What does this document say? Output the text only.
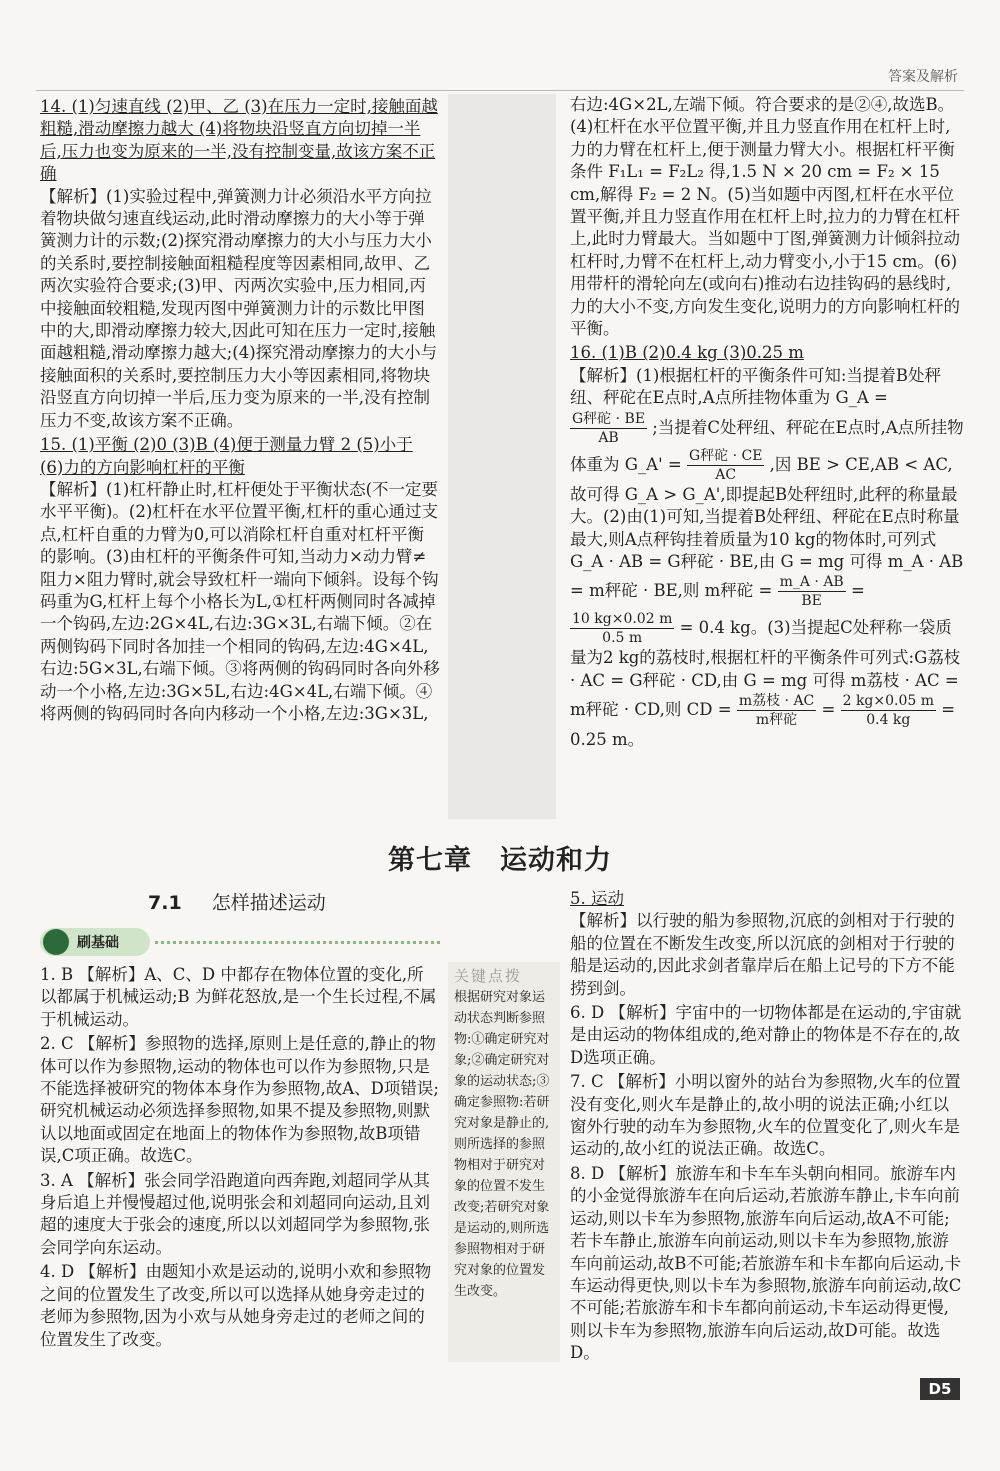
答案及解析

14. (1)匀速直线 (2)甲、乙 (3)在压力一定时,接触面越粗糙,滑动摩擦力越大 (4)将物块沿竖直方向切掉一半后,压力也变为原来的一半,没有控制变量,故该方案不正确

【解析】(1)实验过程中,弹簧测力计必须沿水平方向拉着物块做匀速直线运动,此时滑动摩擦力的大小等于弹簧测力计的示数;(2)探究滑动摩擦力的大小与压力大小的关系时,要控制接触面粗糙程度等因素相同,故甲、乙两次实验符合要求;(3)甲、丙两次实验中,压力相同,丙中接触面较粗糙,发现丙图中弹簧测力计的示数比甲图中的大,即滑动摩擦力较大,因此可知在压力一定时,接触面越粗糙,滑动摩擦力越大;(4)探究滑动摩擦力的大小与接触面积的关系时,要控制压力大小等因素相同,将物块沿竖直方向切掉一半后,压力变为原来的一半,没有控制压力不变,故该方案不正确。

15. (1)平衡 (2)0 (3)B (4)便于测量力臂 2 (5)小于 (6)力的方向影响杠杆的平衡

【解析】(1)杠杆静止时,杠杆便处于平衡状态(不一定要水平平衡)。(2)杠杆在水平位置平衡,杠杆的重心通过支点,杠杆自重的力臂为0,可以消除杠杆自重对杠杆平衡的影响。(3)由杠杆的平衡条件可知,当动力×动力臂≠阻力×阻力臂时,就会导致杠杆一端向下倾斜。设每个钩码重为G,杠杆上每个小格长为L,①杠杆两侧同时各减掉一个钩码,左边:2G×4L,右边:3G×3L,右端下倾。②在两侧钩码下同时各加挂一个相同的钩码,左边:4G×4L,右边:5G×3L,右端下倾。③将两侧的钩码同时各向外移动一个小格,左边:3G×5L,右边:4G×4L,右端下倾。④将两侧的钩码同时各向内移动一个小格,左边:3G×3L,

右边:4G×2L,左端下倾。符合要求的是②④,故选B。(4)杠杆在水平位置平衡,并且力竖直作用在杠杆上时,力的力臂在杠杆上,便于测量力臂大小。根据杠杆平衡条件 F₁L₁ = F₂L₂ 得,1.5 N × 20 cm = F₂ × 15 cm,解得 F₂ = 2 N。(5)当如题中丙图,杠杆在水平位置平衡,并且力竖直作用在杠杆上时,拉力的力臂在杠杆上,此时力臂最大。当如题中丁图,弹簧测力计倾斜拉动杠杆时,力臂不在杠杆上,动力臂变小,小于15 cm。(6)用带杆的滑轮向左(或向右)推动右边挂钩码的悬线时,力的大小不变,方向发生变化,说明力的方向影响杠杆的平衡。

16. (1)B (2)0.4 kg (3)0.25 m

【解析】(1)根据杠杆的平衡条件可知:当提着B处秤纽、秤砣在E点时,A点所挂物体重为 G_A =
$\frac{\text{G秤砣 · BE}}{AB}$ ;当提着C处秤纽、秤砣在E点时,A点所挂物体重为 G_A' = $\frac{\text{G秤砣 · CE}}{AC}$ ,因 BE > CE,AB < AC,故可得 G_A > G_A',即提起B处秤纽时,此秤的称量最大。(2)由(1)可知,当提着B处秤纽、秤砣在E点时称量最大,则A点秤钩挂着质量为10 kg的物体时,可列式 G_A · AB = G秤砣 · BE,由 G = mg 可得 m_A · AB = m秤砣 · BE,则 m秤砣 = $\frac{m\_A \cdot AB}{BE}$ =
$\frac{10 kg\times 0.02 m}{0.5 m} = 0.4$ kg。(3)当提起C处秤称一袋质量为2 kg的荔枝时,根据杠杆的平衡条件可列式:G荔枝 · AC = G秤砣 · CD,由 G = mg 可得 m荔枝 · AC = m秤砣 · CD,则 CD = $\frac{\text{m荔枝 · AC}}{\text{m秤砣}} = \frac{2 kg\times 0.05 m}{0.4 kg} = 0.25$ m。

第七章　运动和力
7.1 怎样描述运动
刷基础

1. B 【解析】A、C、D 中都存在物体位置的变化,所以都属于机械运动;B 为鲜花怒放,是一个生长过程,不属于机械运动。

2. C 【解析】参照物的选择,原则上是任意的,静止的物体可以作为参照物,运动的物体也可以作为参照物,只是不能选择被研究的物体本身作为参照物,故A、D项错误;研究机械运动必须选择参照物,如果不提及参照物,则默认以地面或固定在地面上的物体作为参照物,故B项错误,C项正确。故选C。

3. A 【解析】张会同学沿跑道向西奔跑,刘超同学从其身后追上并慢慢超过他,说明张会和刘超同向运动,且刘超的速度大于张会的速度,所以以刘超同学为参照物,张会同学向东运动。

4. D 【解析】由题知小欢是运动的,说明小欢和参照物之间的位置发生了改变,所以可以选择从她身旁走过的老师为参照物,因为小欢与从她身旁走过的老师之间的位置发生了改变。

关键点拨
根据研究对象运动状态判断参照物:①确定研究对象;②确定研究对象的运动状态;③确定参照物:若研究对象是静止的,则所选择的参照物相对于研究对象的位置不发生改变;若研究对象是运动的,则所选参照物相对于研究对象的位置发生改变。

5. 运动

【解析】以行驶的船为参照物,沉底的剑相对于行驶的船的位置在不断发生改变,所以沉底的剑相对于行驶的船是运动的,因此求剑者靠岸后在船上记号的下方不能捞到剑。

6. D 【解析】宇宙中的一切物体都是在运动的,宇宙就是由运动的物体组成的,绝对静止的物体是不存在的,故D选项正确。

7. C 【解析】小明以窗外的站台为参照物,火车的位置没有变化,则火车是静止的,故小明的说法正确;小红以窗外行驶的动车为参照物,火车的位置变化了,则火车是运动的,故小红的说法正确。故选C。

8. D 【解析】旅游车和卡车车头朝向相同。旅游车内的小金觉得旅游车在向后运动,若旅游车静止,卡车向前运动,则以卡车为参照物,旅游车向后运动,故A不可能;若卡车静止,旅游车向前运动,则以卡车为参照物,旅游车向前运动,故B不可能;若旅游车和卡车都向后运动,卡车运动得更快,则以卡车为参照物,旅游车向前运动,故C不可能;若旅游车和卡车都向前运动,卡车运动得更慢,则以卡车为参照物,旅游车向后运动,故D可能。故选D。

D5
